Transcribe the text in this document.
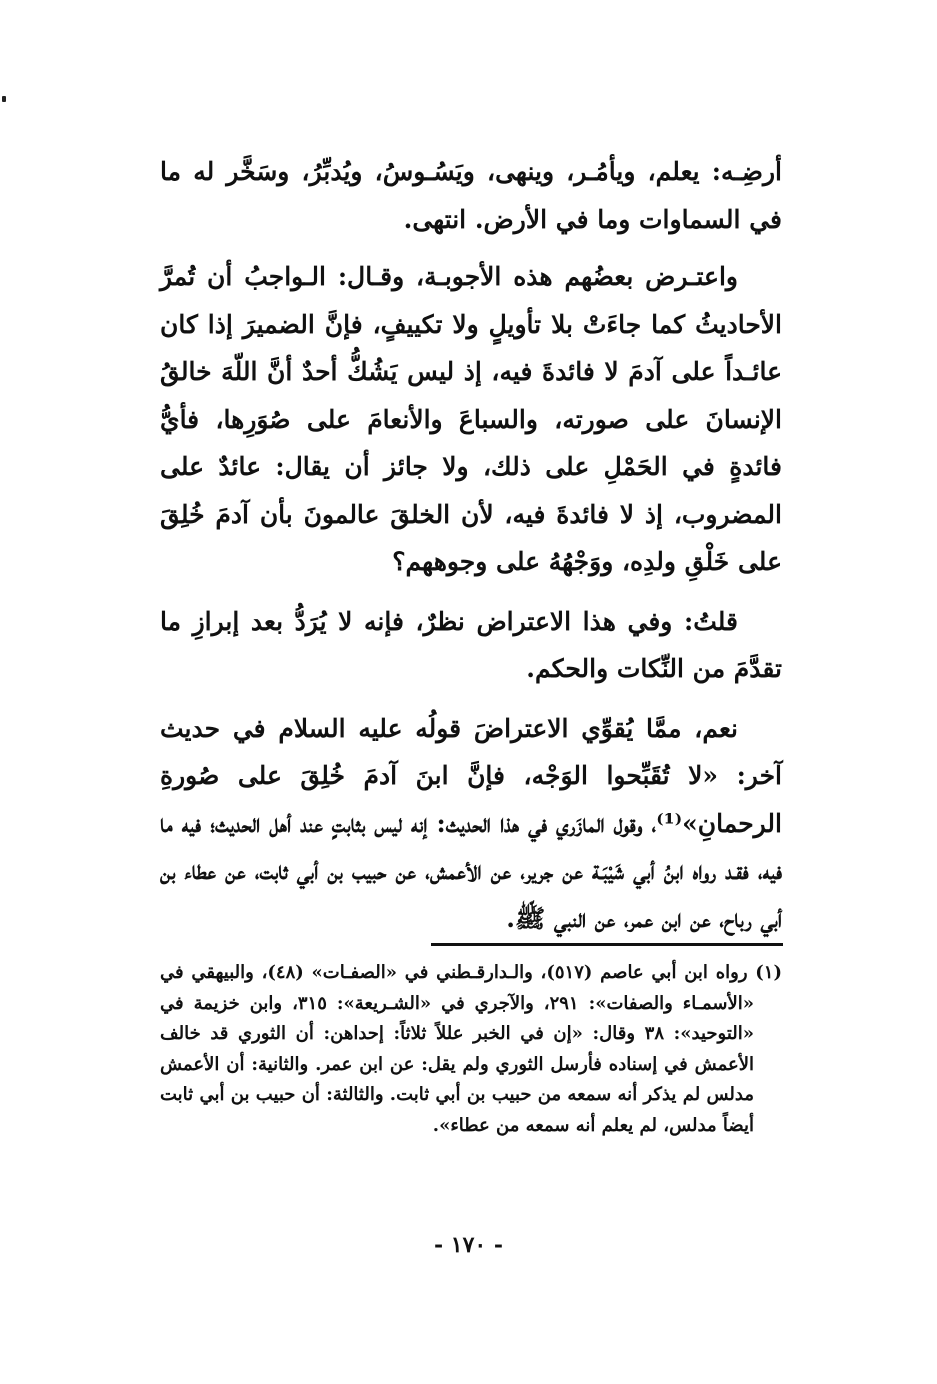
أرضِـه: يعلم، ويأمُـر، وينهى، ويَسُـوسُ، ويُدبِّرُ، وسَخَّر له ما في السماوات وما في الأرض. انتهى.

واعتـرض بعضُهم هذه الأجوبـة، وقـال: الـواجبُ أن تُمرَّ الأحاديثُ كما جاءَتْ بلا تأويلٍ ولا تكييفٍ، فإنَّ الضميرَ إذا كان عائـداً على آدمَ لا فائدةَ فيه، إذ ليس يَشُكُّ أحدٌ أنَّ اللّهَ خالقُ الإنسانَ على صورته، والسباعَ والأنعامَ على صُوَرِها، فأيُّ فائدةٍ في الحَمْلِ على ذلك، ولا جائز أن يقال: عائدٌ على المضروب، إذ لا فائدةَ فيه، لأن الخلقَ عالمونَ بأن آدمَ خُلِقَ على خَلْقِ ولدِه، ووَجْهُهُ على وجوههم؟

قلتُ: وفي هذا الاعتراض نظرٌ، فإنه لا يُرَدُّ بعد إبرازِ ما تقدَّمَ من النِّكات والحكم.

نعم، ممَّا يُقوِّي الاعتراضَ قولُه عليه السلام في حديث آخر: «لا تُقَبِّحوا الوَجْه، فإنَّ ابنَ آدمَ خُلِقَ على صُورةِ الرحمانِ»⁽¹⁾، وقول المازَري في هذا الحديث: إنه ليس بثابتٍ عند أهل الحديث؛ فيه ما فيه، فقـد رواه ابنُ أبي شَيْبَـة عن جرير، عن الأعمش، عن حبيب بن أبي ثابت، عن عطاء بن أبي رباح، عن ابن عمر، عن النبي ﷺ.

(١) رواه ابن أبي عاصم (٥١٧)، والـدارقـطني في «الصفـات» (٤٨)، والبيهقي في «الأسمـاء والصفات»: ٢٩١، والآجري في «الشـريعة»: ٣١٥، وابن خزيمة في «التوحيد»: ٣٨ وقال: «إن في الخبر عللاً ثلاثاً: إحداهن: أن الثوري قد خالف الأعمش في إسناده فأرسل الثوري ولم يقل: عن ابن عمر. والثانية: أن الأعمش مدلس لم يذكر أنه سمعه من حبيب بن أبي ثابت. والثالثة: أن حبيب بن أبي ثابت أيضاً مدلس، لم يعلم أنه سمعه من عطاء».

- ١٧٠ -
